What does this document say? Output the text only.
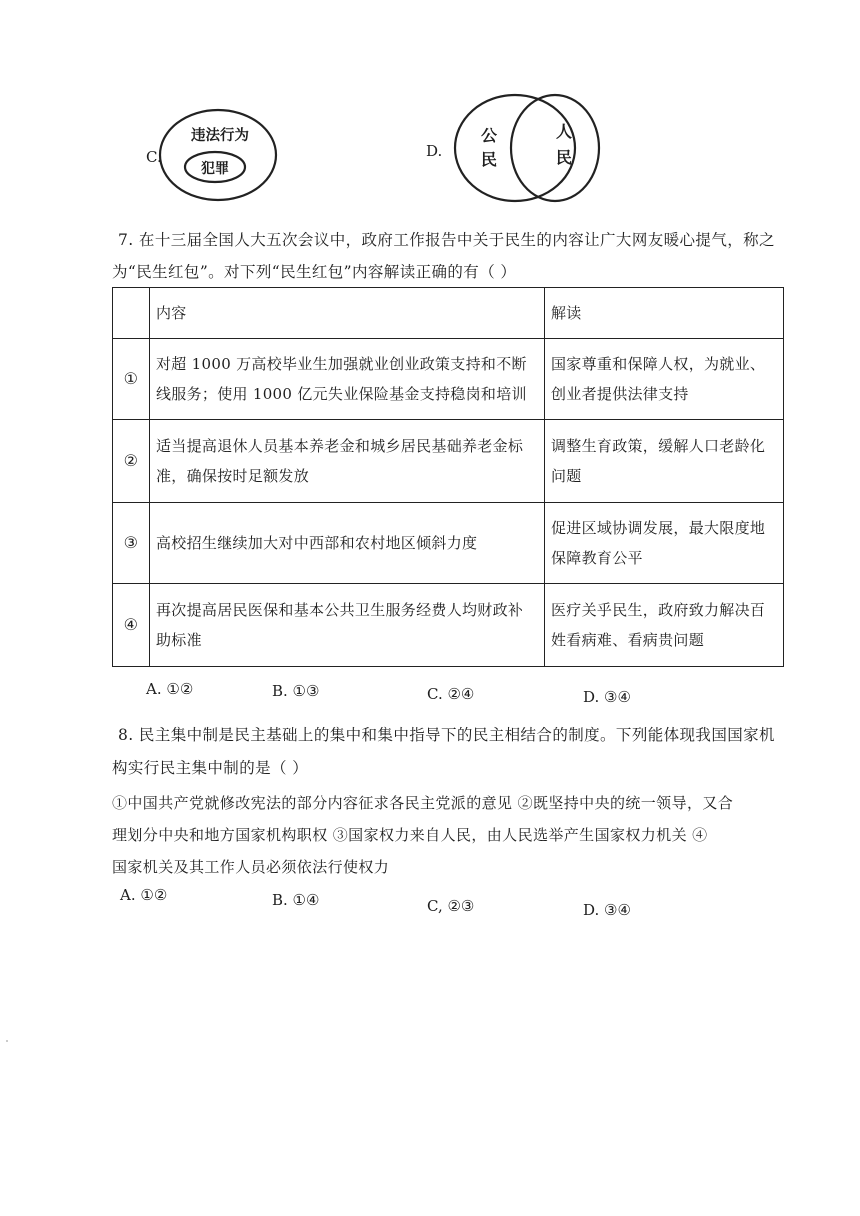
C.
违法行为
犯罪
D.
公民
人民
7. 在十三届全国人大五次会议中，政府工作报告中关于民生的内容让广大网友暖心提气，称之
为“民生红包”。对下列“民生红包”内容解读正确的有（ ）
	内容	解读
①	对超 1000 万高校毕业生加强就业创业政策支持和不断线服务；使用 1000 亿元失业保险基金支持稳岗和培训	国家尊重和保障人权，为就业、创业者提供法律支持
②	适当提高退休人员基本养老金和城乡居民基础养老金标准，确保按时足额发放	调整生育政策，缓解人口老龄化问题
③	高校招生继续加大对中西部和农村地区倾斜力度	促进区域协调发展，最大限度地保障教育公平
④	再次提高居民医保和基本公共卫生服务经费人均财政补助标准	医疗关乎民生，政府致力解决百姓看病难、看病贵问题
A. ①②	B. ①③	C. ②④	D. ③④
8. 民主集中制是民主基础上的集中和集中指导下的民主相结合的制度。下列能体现我国国家机
构实行民主集中制的是（ ）
①中国共产党就修改宪法的部分内容征求各民主党派的意见 ②既坚持中央的统一领导，又合
理划分中央和地方国家机构职权 ③国家权力来自人民，由人民选举产生国家权力机关 ④
国家机关及其工作人员必须依法行使权力
A. ①②	B. ①④	C, ②③	D. ③④
